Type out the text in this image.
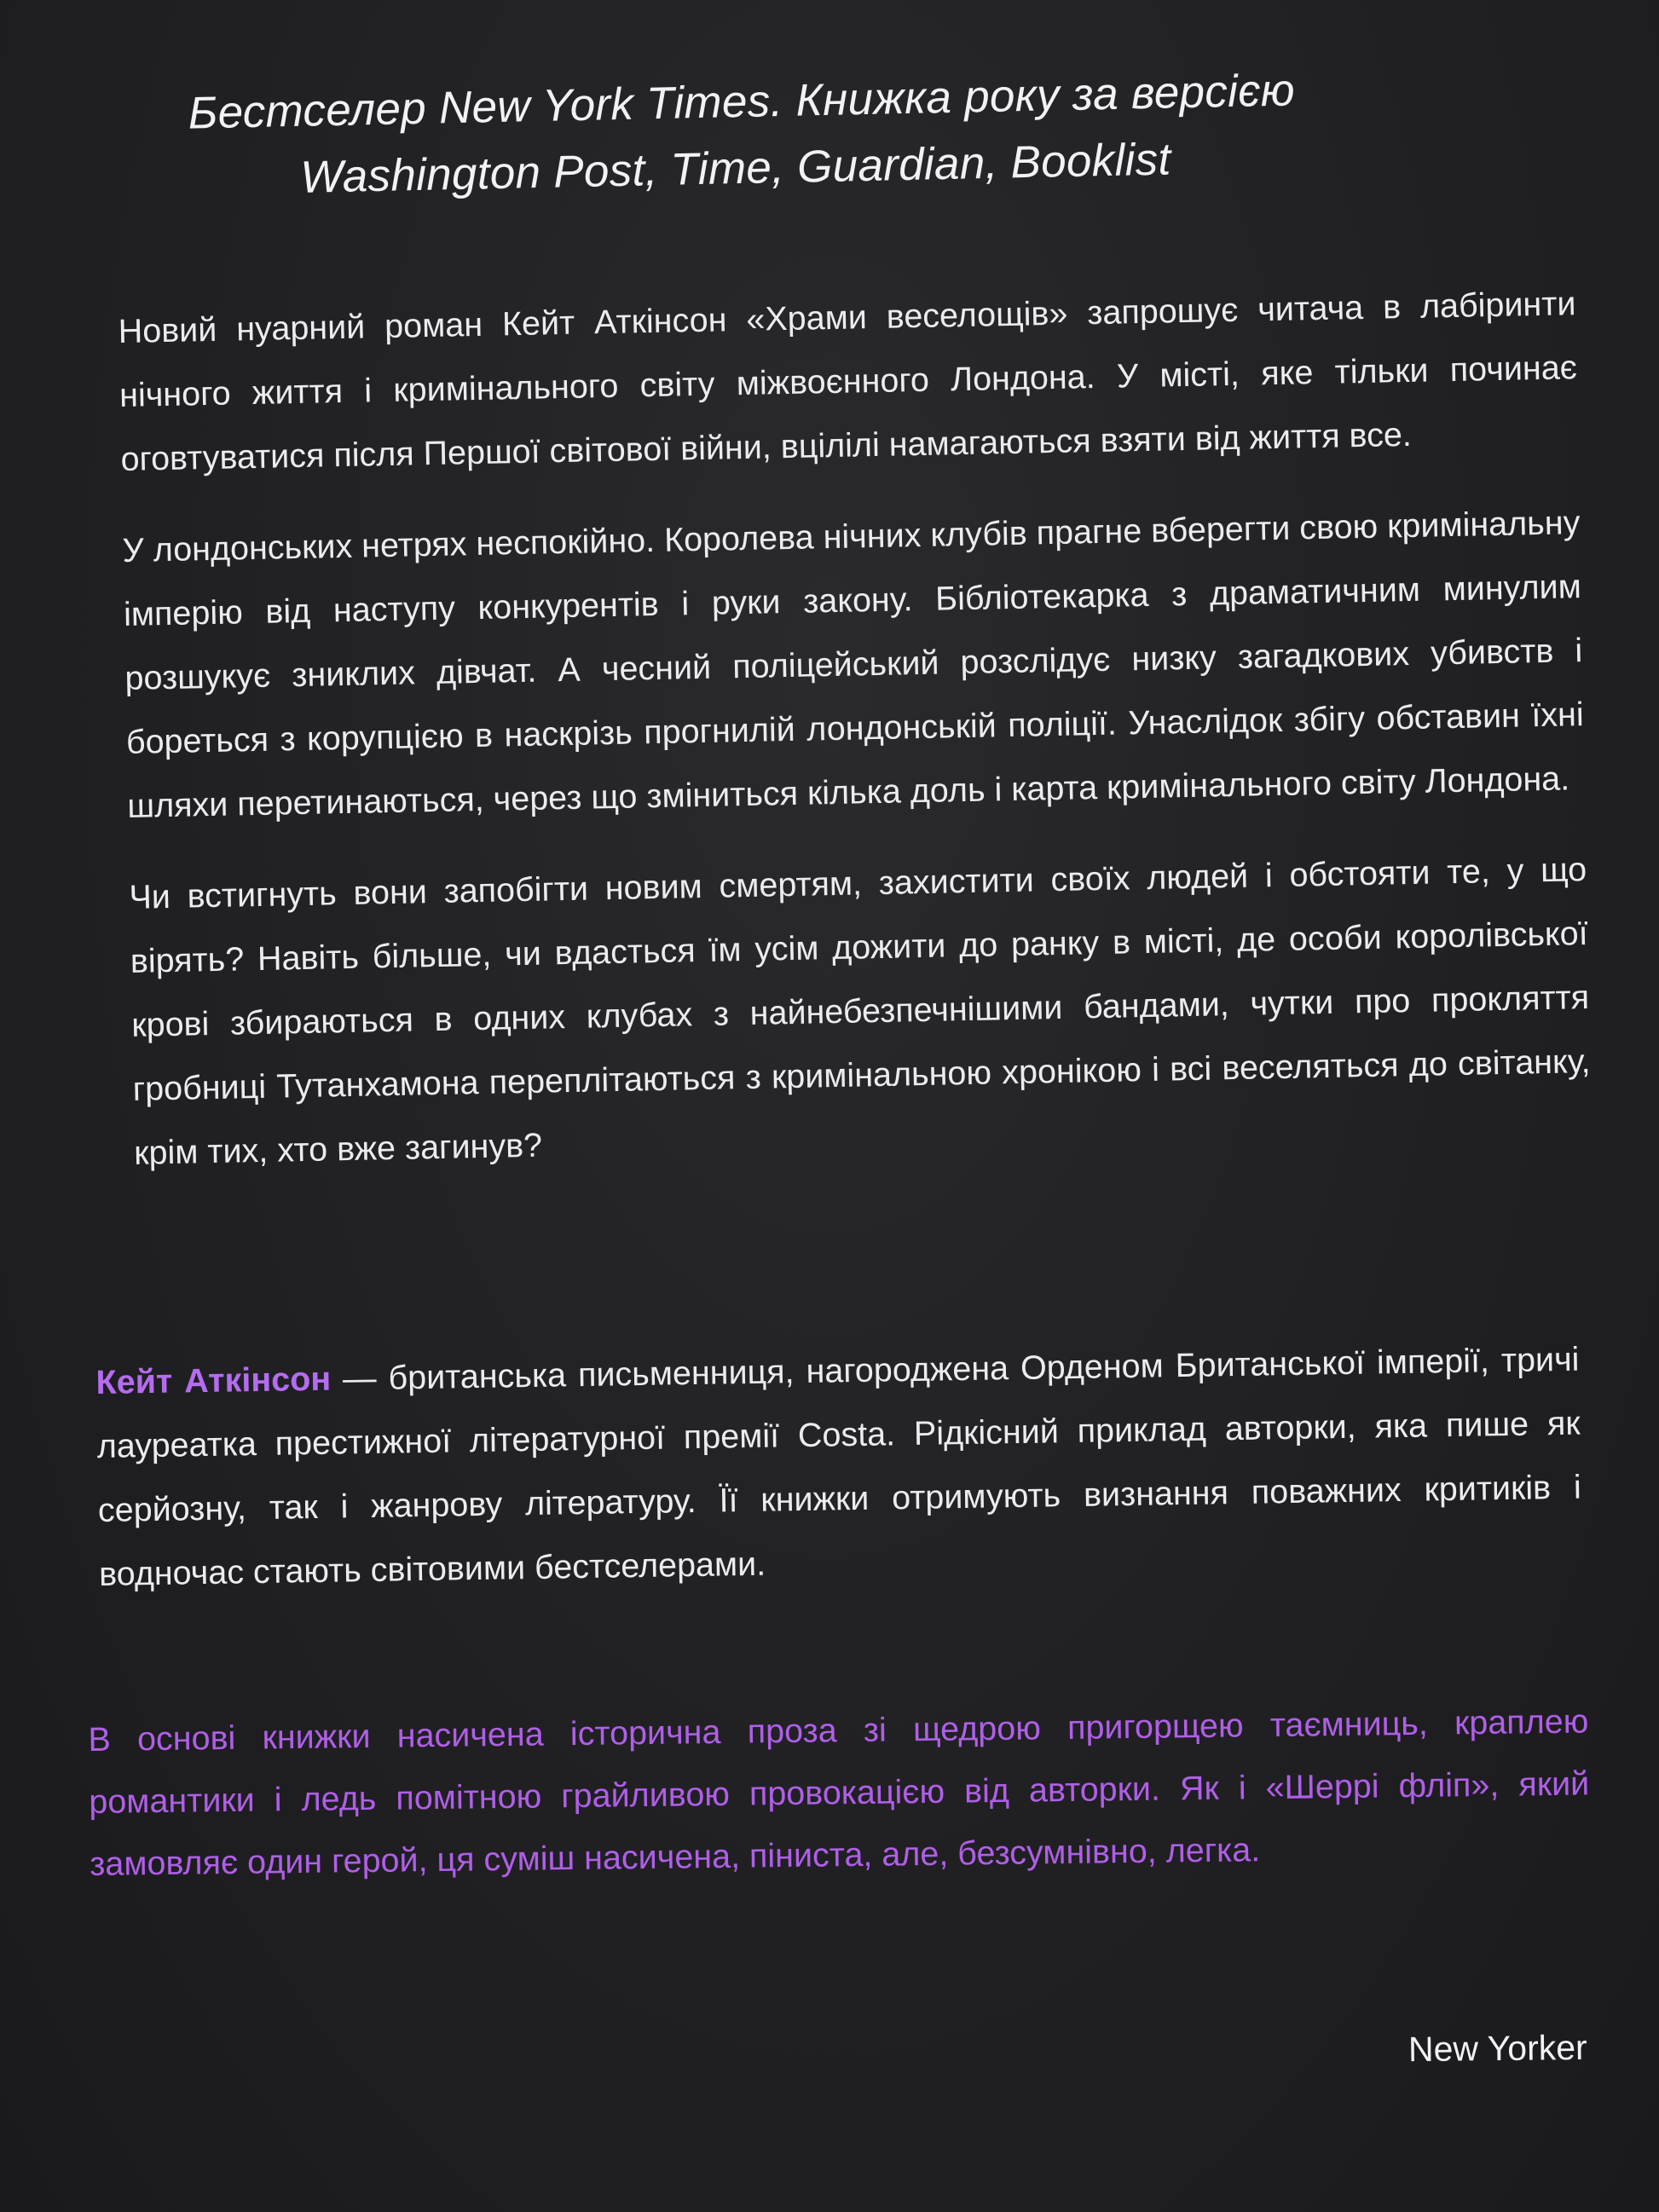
Бестселер New York Times. Книжка року за версією
Washington Post, Time, Guardian, Booklist

Новий нуарний роман Кейт Аткінсон «Храми веселощів» запрошує читача в лабіринти нічного життя і кримінального світу міжвоєнного Лондона. У місті, яке тільки починає оговтуватися після Першої світової війни, вцілілі намагаються взяти від життя все.

У лондонських нетрях неспокійно. Королева нічних клубів прагне вберегти свою кримінальну імперію від наступу конкурентів і руки закону. Бібліотекарка з драматичним минулим розшукує зниклих дівчат. А чесний поліцейський розслідує низку загадкових убивств і бореться з корупцією в наскрізь прогнилій лондонській поліції. Унаслідок збігу обставин їхні шляхи перетинаються, через що зміниться кілька доль і карта кримінального світу Лондона.

Чи встигнуть вони запобігти новим смертям, захистити своїх людей і обстояти те, у що вірять? Навіть більше, чи вдасться їм усім дожити до ранку в місті, де особи королівської крові збираються в одних клубах з найнебезпечнішими бандами, чутки про прокляття гробниці Тутанхамона переплітаються з кримінальною хронікою і всі веселяться до світанку, крім тих, хто вже загинув?

Кейт Аткінсон — британська письменниця, нагороджена Орденом Британської імперії, тричі лауреатка престижної літературної премії Costa. Рідкісний приклад авторки, яка пише як серйозну, так і жанрову літературу. Її книжки отримують визнання поважних критиків і водночас стають світовими бестселерами.

В основі книжки насичена історична проза зі щедрою пригорщею таємниць, краплею романтики і ледь помітною грайливою провокацією від авторки. Як і «Шеррі фліп», який замовляє один герой, ця суміш насичена, піниста, але, безсумнівно, легка.

New Yorker
